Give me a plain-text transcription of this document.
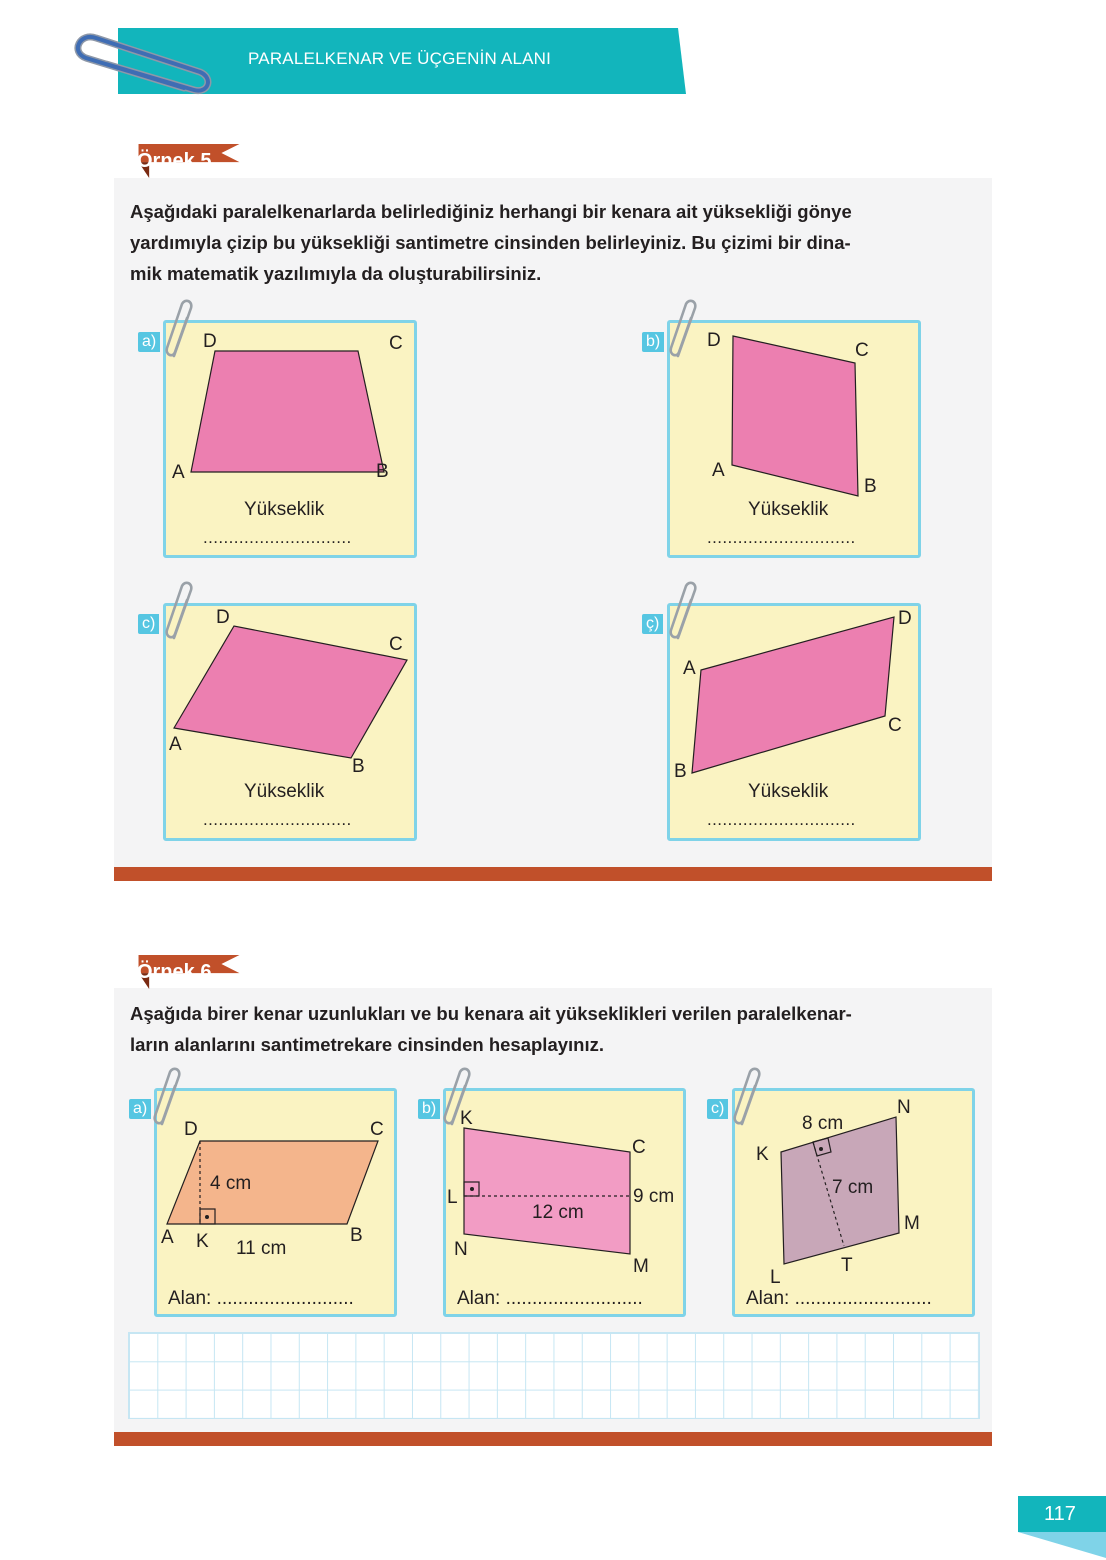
PARALELKENAR VE ÜÇGENİN ALANI
Örnek 5
Aşağıdaki paralelkenarlarda belirlediğiniz herhangi bir kenara ait yüksekliği gönye
yardımıyla çizip bu yüksekliği santimetre cinsinden belirleyiniz. Bu çizimi bir dina-
mik matematik yazılımıyla da oluşturabilirsiniz.
a) D	C
A	B
Yükseklik
.............................
b) D	C
A
B
Yükseklik
.............................
c)	D
C
A
B
Yükseklik
.............................
ç)	D
A
C
B
Yükseklik
.............................
Örnek 6
Aşağıda birer kenar uzunlukları ve bu kenara ait yükseklikleri verilen paralelkenar-
ların alanlarını santimetrekare cinsinden hesaplayınız.
a)
D	C
4 cm
A K 11 cm
B
Alan: ..........................
b) K
C
L	9 cm
12 cm
N
M
Alan: ..........................
c)	N
8 cm
K
7 cm
M
T
L
Alan: ..........................
117
